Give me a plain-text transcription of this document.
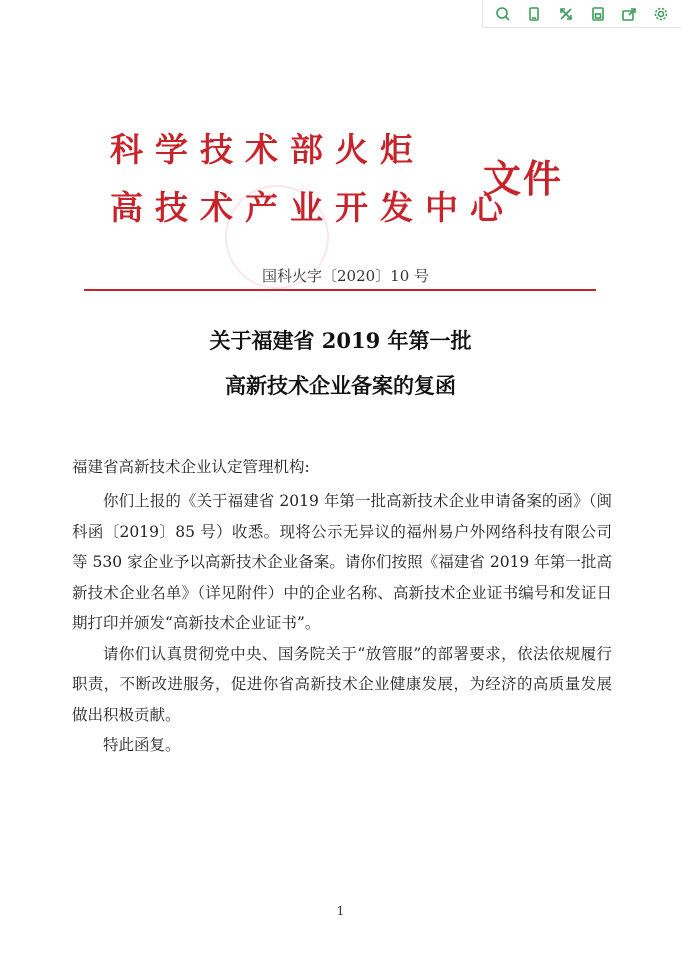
科学技术部火炬
高技术产业开发中心
文件
国科火字〔2020〕10 号
关于福建省 2019 年第一批
高新技术企业备案的复函
福建省高新技术企业认定管理机构:

你们上报的《关于福建省 2019 年第一批高新技术企业申请备案的函》（闽科函〔2019〕85 号）收悉。现将公示无异议的福州易户外网络科技有限公司等 530 家企业予以高新技术企业备案。请你们按照《福建省 2019 年第一批高新技术企业名单》（详见附件）中的企业名称、高新技术企业证书编号和发证日期打印并颁发“高新技术企业证书”。

请你们认真贯彻党中央、国务院关于“放管服”的部署要求，依法依规履行职责，不断改进服务，促进你省高新技术企业健康发展，为经济的高质量发展做出积极贡献。

特此函复。

1
